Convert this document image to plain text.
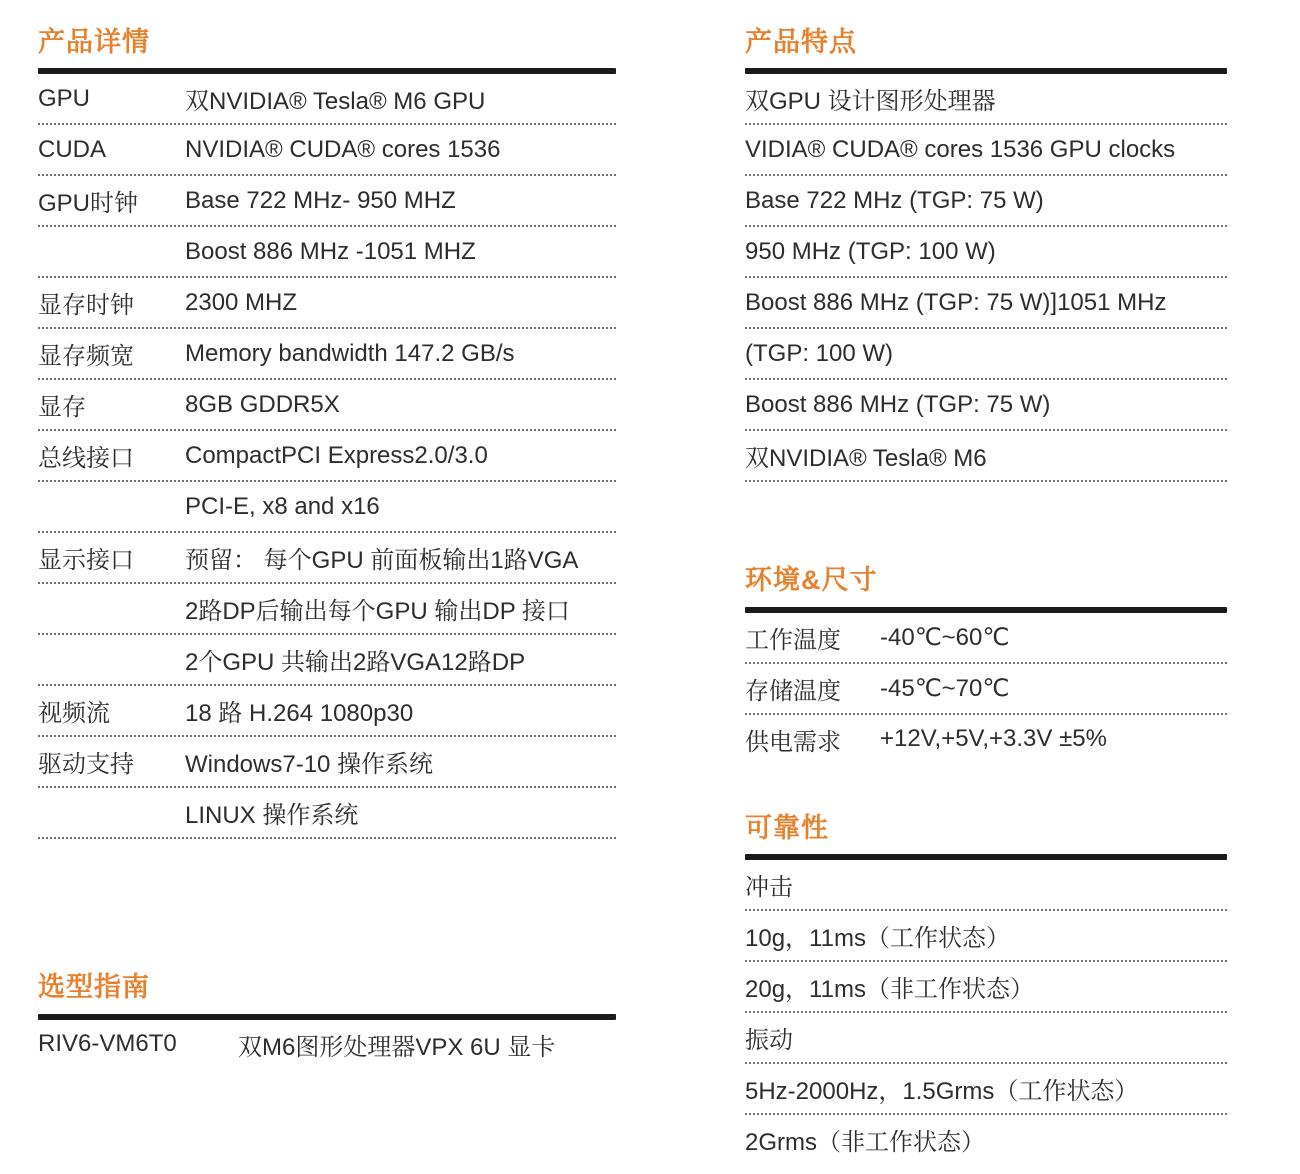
产品详情
GPU	双NVIDIA® Tesla® M6 GPU
CUDA	NVIDIA® CUDA® cores 1536
GPU时钟	Base 722 MHz- 950 MHZ
Boost 886 MHz -1051 MHZ
显存时钟	2300 MHZ
显存频宽	Memory bandwidth 147.2 GB/s
显存	8GB GDDR5X
总线接口	CompactPCI Express2.0/3.0
PCI-E, x8 and x16
显示接口	预留： 每个GPU 前面板输出1路VGA
2路DP后输出每个GPU 输出DP 接口
2个GPU 共输出2路VGA12路DP
视频流	18 路 H.264 1080p30
驱动支持	Windows7-10 操作系统
LINUX 操作系统
选型指南
RIV6-VM6T0	双M6图形处理器VPX 6U 显卡
产品特点
双GPU 设计图形处理器
VIDIA® CUDA® cores 1536 GPU clocks
Base 722 MHz (TGP: 75 W)
950 MHz (TGP: 100 W)
Boost 886 MHz (TGP: 75 W)]1051 MHz
(TGP: 100 W)
Boost 886 MHz (TGP: 75 W)
双NVIDIA® Tesla® M6
环境&尺寸
工作温度	-40℃~60℃
存储温度	-45℃~70℃
供电需求	+12V,+5V,+3.3V ±5%
可靠性
冲击
10g，11ms（工作状态）
20g，11ms（非工作状态）
振动
5Hz-2000Hz，1.5Grms（工作状态）
2Grms（非工作状态）
